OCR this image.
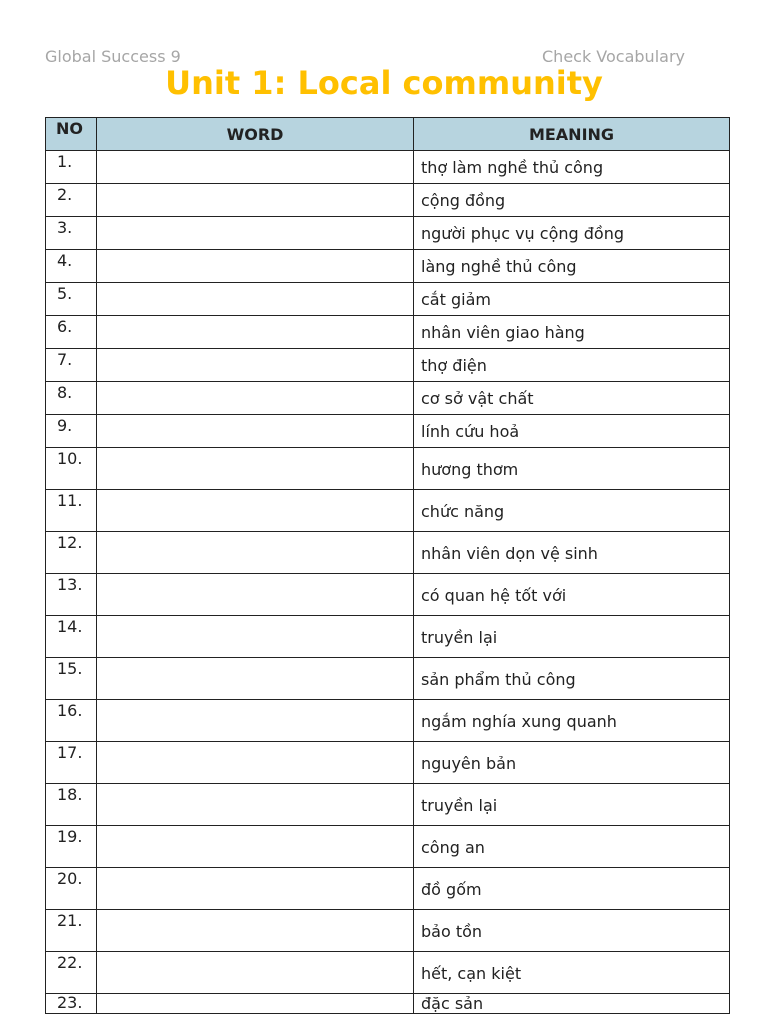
Global Success 9	Check Vocabulary
Unit 1: Local community
NO	WORD	MEANING
1.		thợ làm nghề thủ công
2.		cộng đồng
3.		người phục vụ cộng đồng
4.		làng nghề thủ công
5.		cắt giảm
6.		nhân viên giao hàng
7.		thợ điện
8.		cơ sở vật chất
9.		lính cứu hoả
10.		hương thơm
11.		chức năng
12.		nhân viên dọn vệ sinh
13.		có quan hệ tốt với
14.		truyền lại
15.		sản phẩm thủ công
16.		ngắm nghía xung quanh
17.		nguyên bản
18.		truyền lại
19.		công an
20.		đồ gốm
21.		bảo tồn
22.		hết, cạn kiệt
23.		đặc sản
